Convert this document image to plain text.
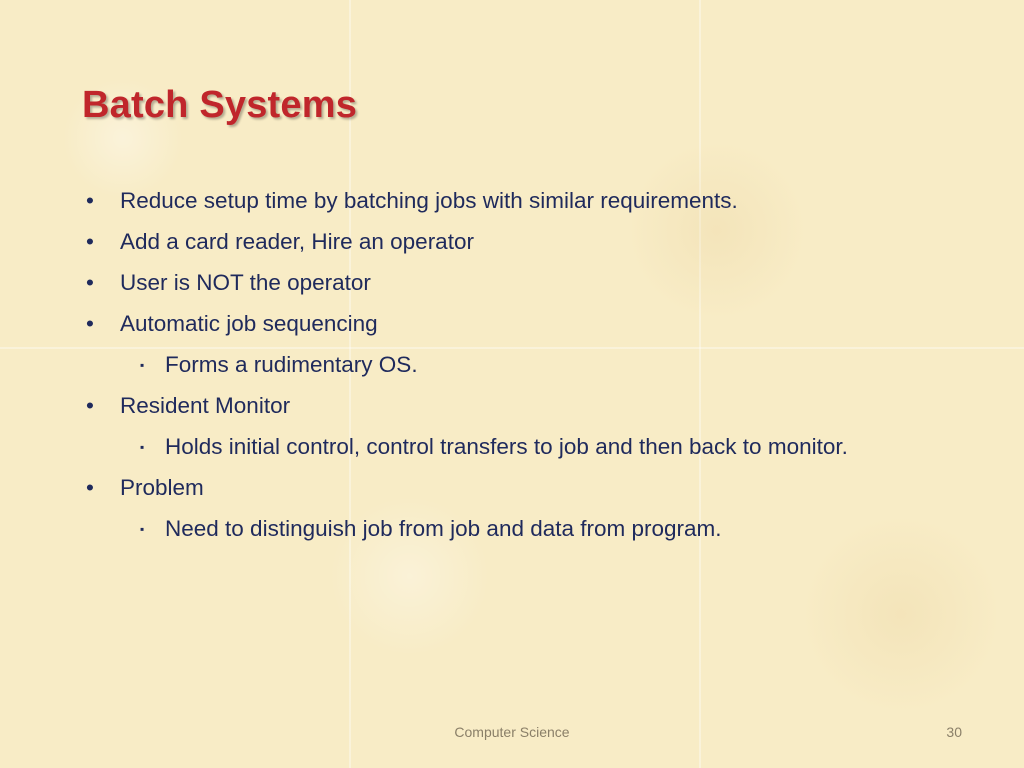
Batch Systems
• Reduce setup time by batching jobs with similar requirements.
• Add a card reader, Hire an operator
• User is NOT the operator
• Automatic job sequencing
▪ Forms a rudimentary OS.
• Resident Monitor
▪ Holds initial control, control transfers to job and then back to monitor.
• Problem
▪ Need to distinguish job from job and data from program.
Computer Science	30
